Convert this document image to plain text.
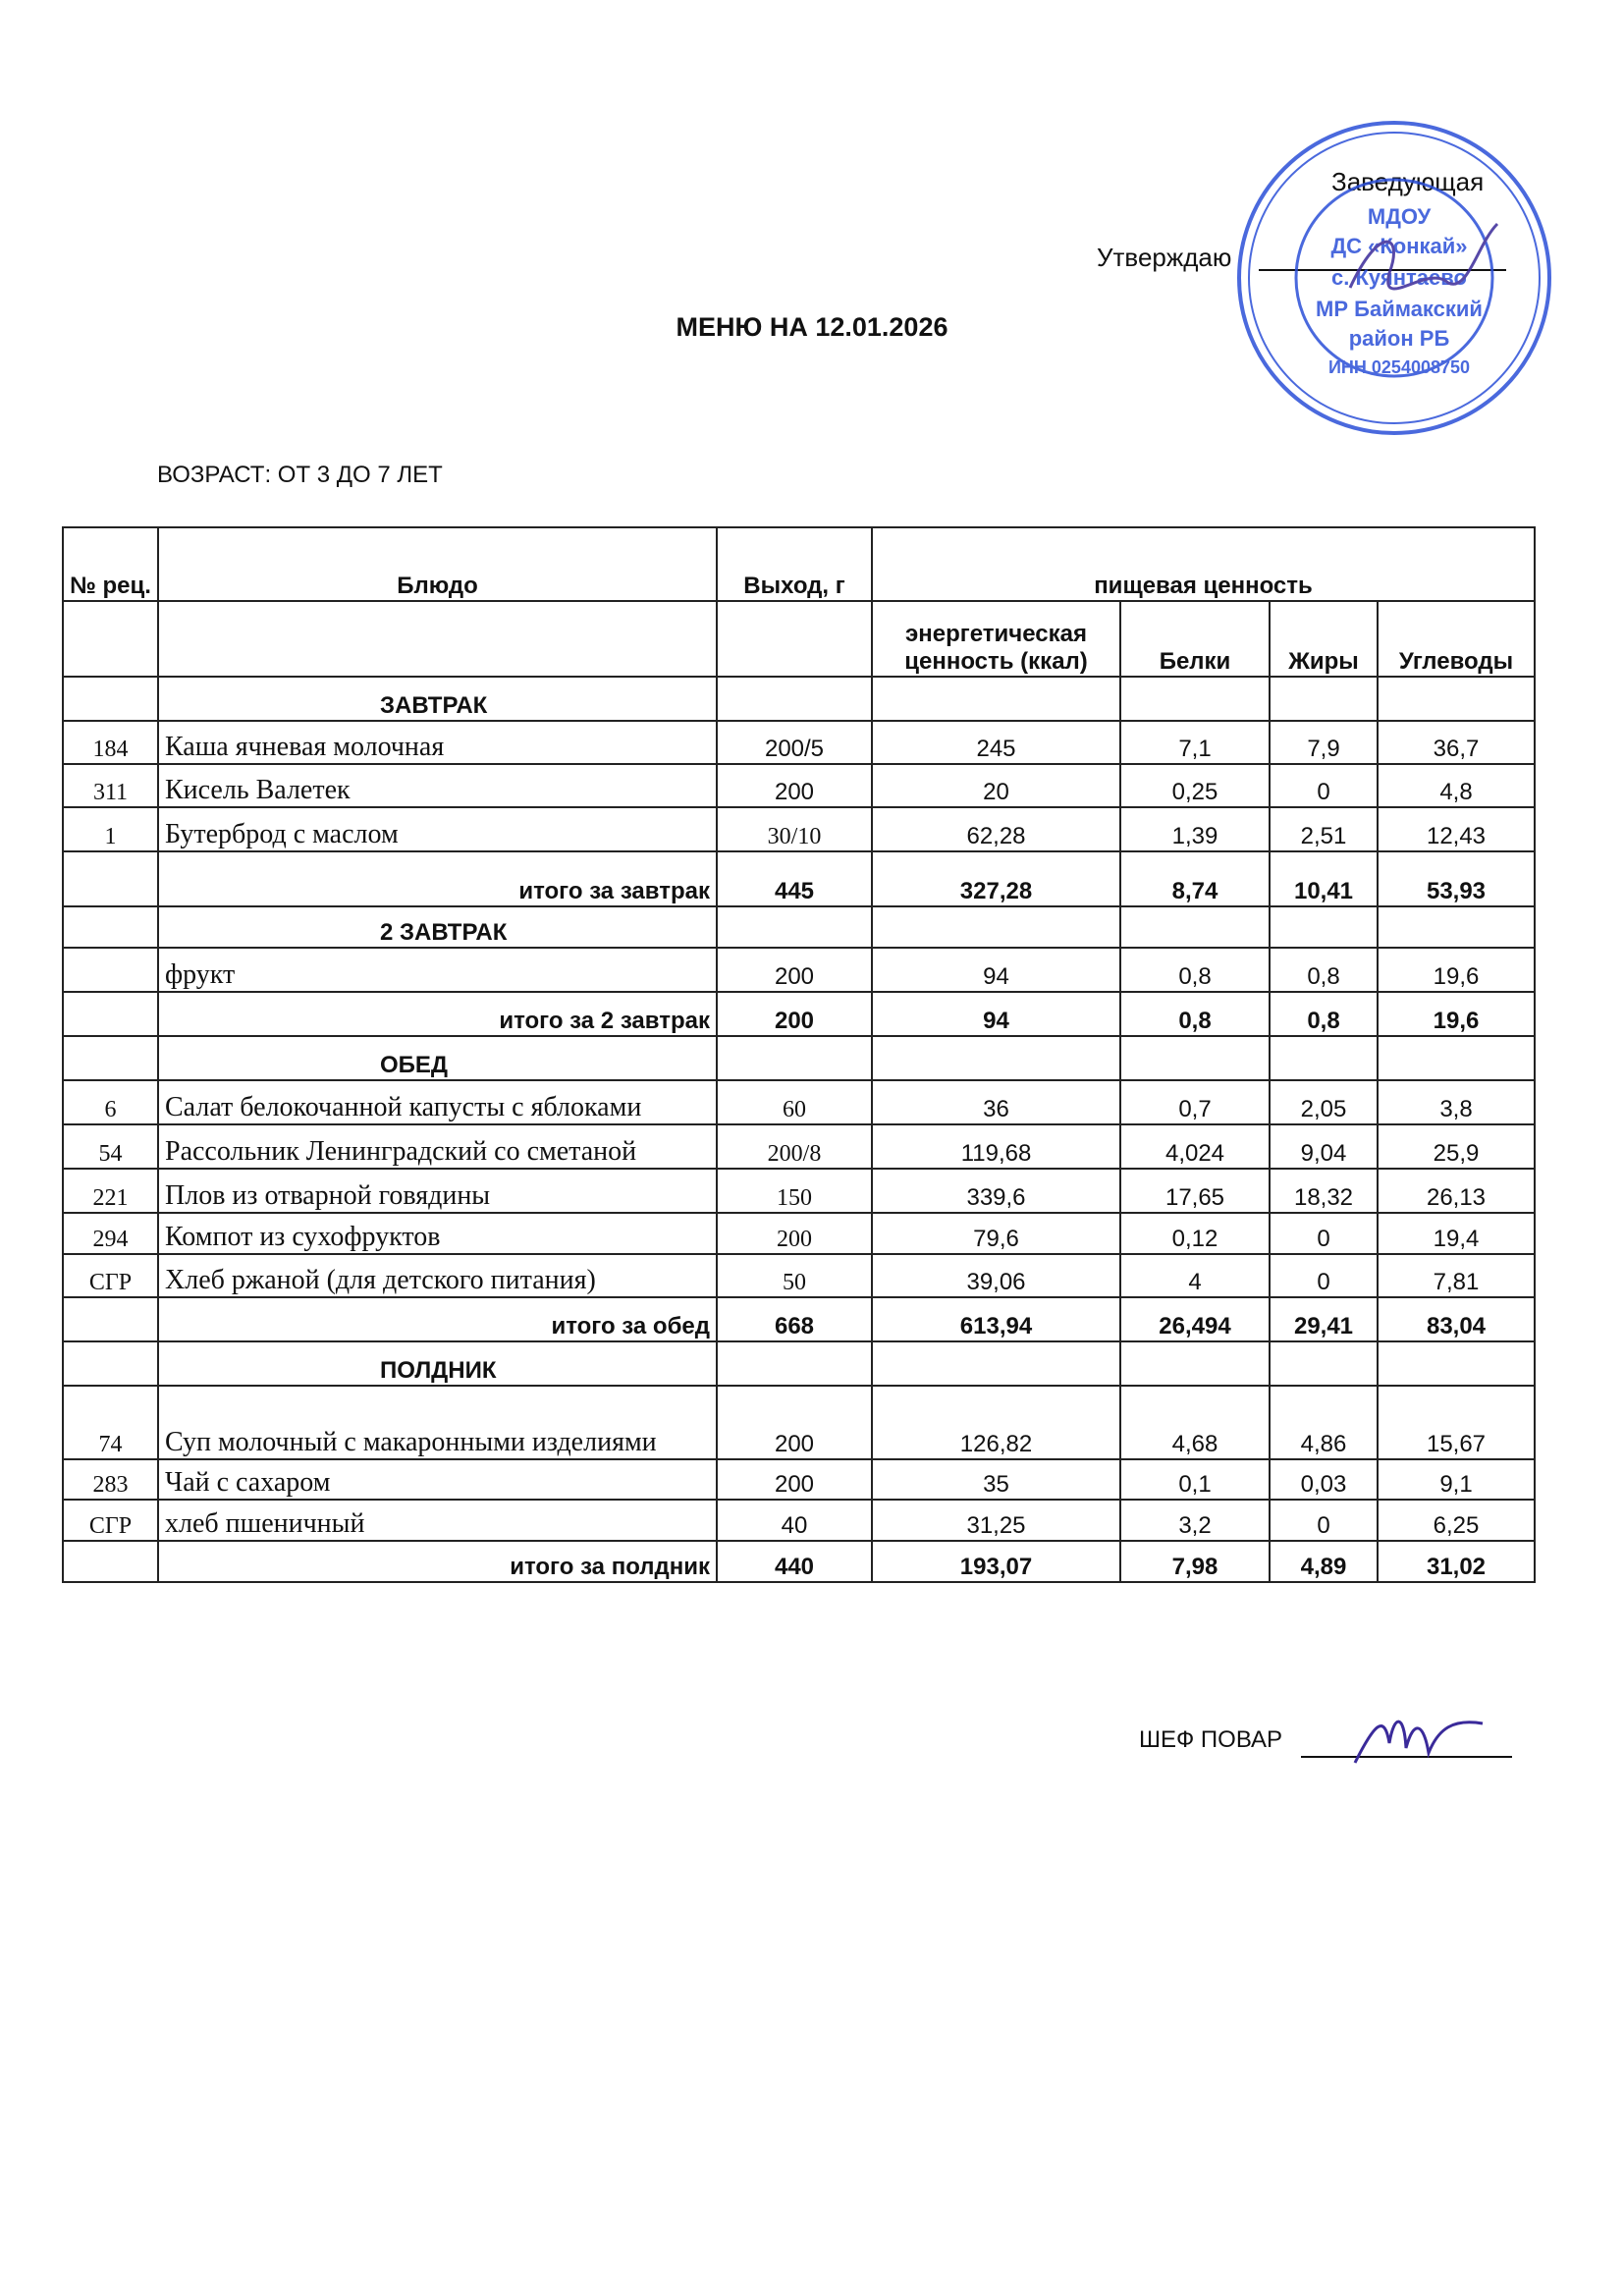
Заведующая
Утверждаю
МДОУ
ДС «Конкай»
с. Куянтаево
МР Баймакский
район РБ
ИНН 0254008750
МЕНЮ НА 12.01.2026
ВОЗРАСТ: ОТ 3 ДО 7 ЛЕТ
№ рец.	Блюдо	Выход, г	пищевая ценность			
			энергетическая ценность (ккал)	Белки	Жиры	Углеводы
	ЗАВТРАК					
184	Каша ячневая молочная	200/5	245	7,1	7,9	36,7
311	Кисель Валетек	200	20	0,25	0	4,8
1	Бутерброд с маслом	30/10	62,28	1,39	2,51	12,43
	итого за завтрак	445	327,28	8,74	10,41	53,93
	2 ЗАВТРАК					
	фрукт	200	94	0,8	0,8	19,6
	итого за 2 завтрак	200	94	0,8	0,8	19,6
	ОБЕД					
6	Салат белокочанной капусты с яблоками	60	36	0,7	2,05	3,8
54	Рассольник Ленинградский со сметаной	200/8	119,68	4,024	9,04	25,9
221	Плов из отварной говядины	150	339,6	17,65	18,32	26,13
294	Компот из сухофруктов	200	79,6	0,12	0	19,4
СГР	Хлеб ржаной (для детского питания)	50	39,06	4	0	7,81
	итого за обед	668	613,94	26,494	29,41	83,04
	ПОЛДНИК					
74	Суп молочный с макаронными изделиями	200	126,82	4,68	4,86	15,67
283	Чай с сахаром	200	35	0,1	0,03	9,1
СГР	хлеб пшеничный	40	31,25	3,2	0	6,25
	итого за полдник	440	193,07	7,98	4,89	31,02
ШЕФ ПОВАР
